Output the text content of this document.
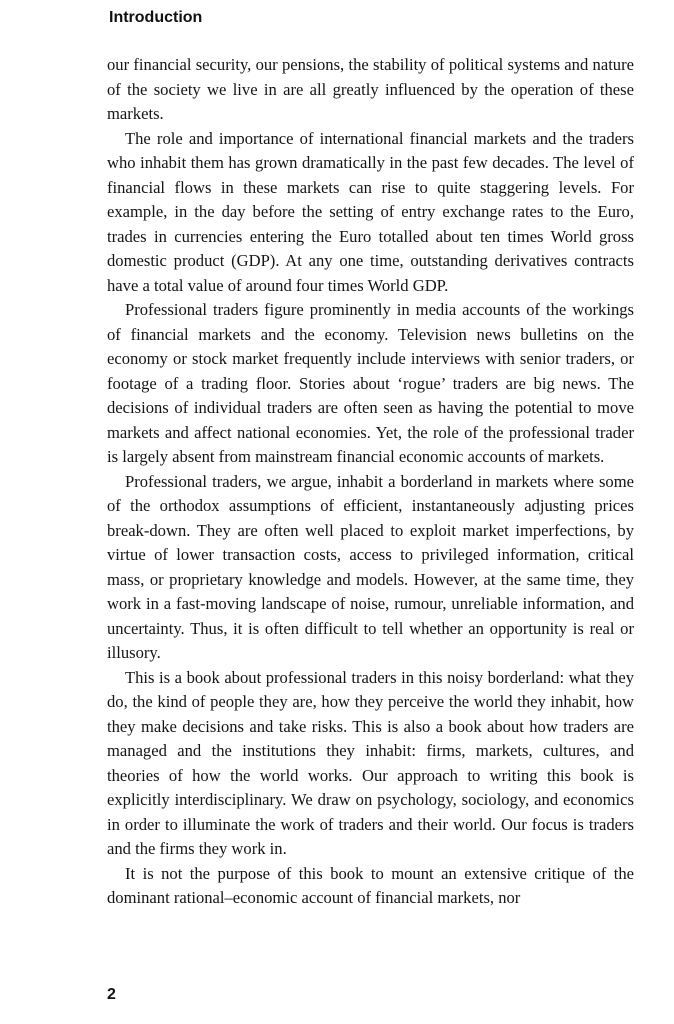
Introduction

our financial security, our pensions, the stability of political systems and nature of the society we live in are all greatly influenced by the operation of these markets.

The role and importance of international financial markets and the traders who inhabit them has grown dramatically in the past few decades. The level of financial flows in these markets can rise to quite staggering levels. For example, in the day before the setting of entry exchange rates to the Euro, trades in currencies entering the Euro totalled about ten times World gross domestic product (GDP). At any one time, outstanding derivatives contracts have a total value of around four times World GDP.

Professional traders figure prominently in media accounts of the workings of financial markets and the economy. Television news bulletins on the economy or stock market frequently include interviews with senior traders, or footage of a trading floor. Stories about ‘rogue’ traders are big news. The decisions of individual traders are often seen as having the potential to move markets and affect national economies. Yet, the role of the professional trader is largely absent from mainstream financial economic accounts of markets.

Professional traders, we argue, inhabit a borderland in markets where some of the orthodox assumptions of efficient, instantaneously adjusting prices break-down. They are often well placed to exploit market imperfections, by virtue of lower transaction costs, access to privileged information, critical mass, or proprietary knowledge and models. However, at the same time, they work in a fast-moving landscape of noise, rumour, unreliable information, and uncertainty. Thus, it is often difficult to tell whether an opportunity is real or illusory.

This is a book about professional traders in this noisy borderland: what they do, the kind of people they are, how they perceive the world they inhabit, how they make decisions and take risks. This is also a book about how traders are managed and the institutions they inhabit: firms, markets, cultures, and theories of how the world works. Our approach to writing this book is explicitly interdisciplinary. We draw on psychology, sociology, and economics in order to illuminate the work of traders and their world. Our focus is traders and the firms they work in.

It is not the purpose of this book to mount an extensive critique of the dominant rational–economic account of financial markets, nor

2
